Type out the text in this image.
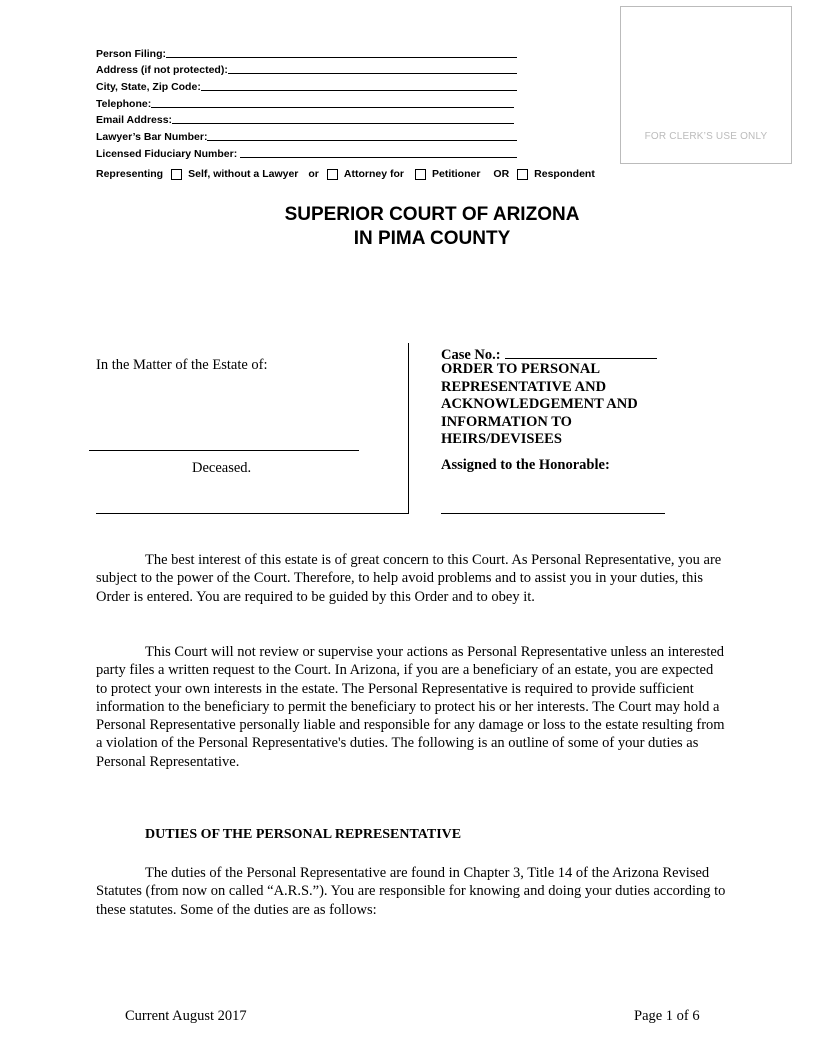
Person Filing:
Address (if not protected):
City, State, Zip Code:
Telephone:
Email Address:
Lawyer’s Bar Number:
Licensed Fiduciary Number:
FOR CLERK’S USE ONLY
Representing Self, without a Lawyer or Attorney for	Petitioner OR Respondent
SUPERIOR COURT OF ARIZONA
IN PIMA COUNTY
In the Matter of the Estate of:
Deceased.
Case No.:
ORDER TO PERSONAL
REPRESENTATIVE AND
ACKNOWLEDGEMENT AND
INFORMATION TO
HEIRS/DEVISEES
Assigned to the Honorable:
The best interest of this estate is of great concern to this Court. As Personal Representative, you are subject to the power of the Court. Therefore, to help avoid problems and to assist you in your duties, this Order is entered. You are required to be guided by this Order and to obey it.
This Court will not review or supervise your actions as Personal Representative unless an interested party files a written request to the Court. In Arizona, if you are a beneficiary of an estate, you are expected to protect your own interests in the estate. The Personal Representative is required to provide sufficient information to the beneficiary to permit the beneficiary to protect his or her interests. The Court may hold a Personal Representative personally liable and responsible for any damage or loss to the estate resulting from a violation of the Personal Representative's duties. The following is an outline of some of your duties as Personal Representative.
DUTIES OF THE PERSONAL REPRESENTATIVE
The duties of the Personal Representative are found in Chapter 3, Title 14 of the Arizona Revised Statutes (from now on called “A.R.S.”). You are responsible for knowing and doing your duties according to these statutes. Some of the duties are as follows:
Current August 2017	Page 1 of 6
